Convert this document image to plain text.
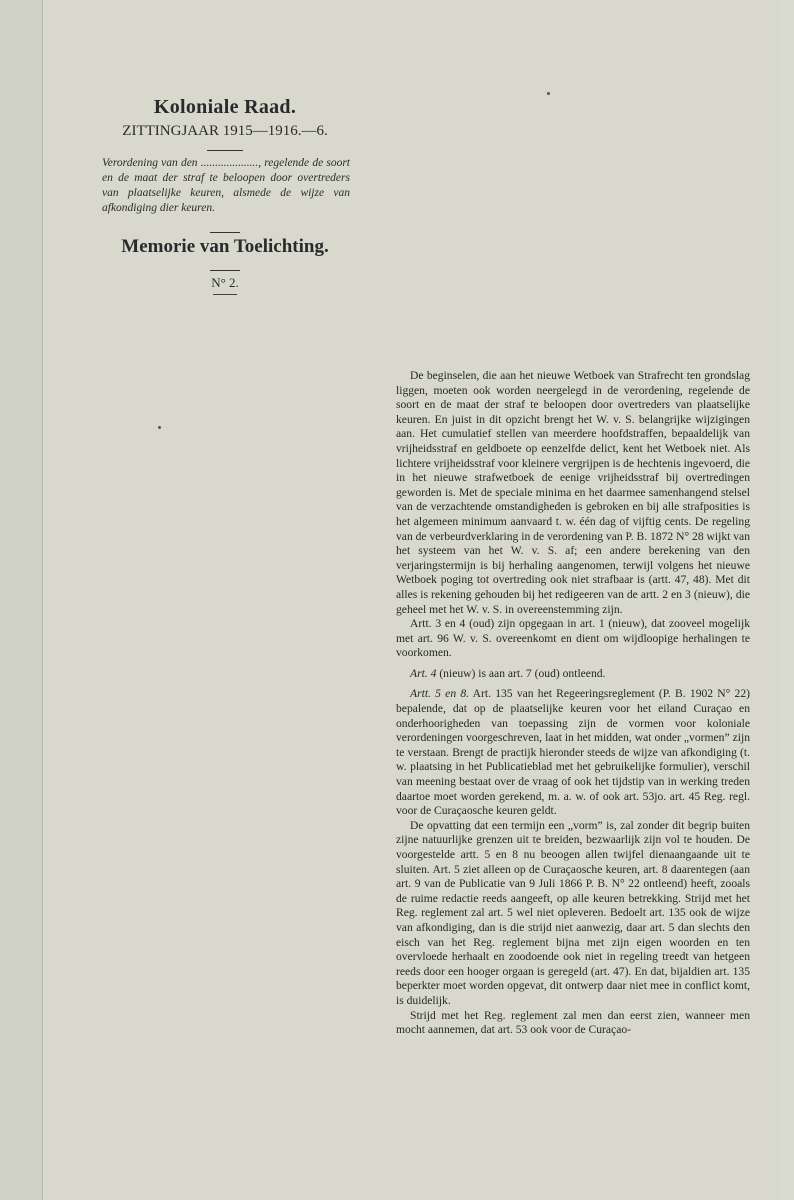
Koloniale Raad.

ZITTINGJAAR 1915—1916.—6.

Verordening van den ...................., regelende de soort en de maat der straf te beloopen door overtreders van plaatselijke keuren, alsmede de wijze van afkondiging dier keuren.
Memorie van Toelichting.
N° 2.

De beginselen, die aan het nieuwe Wetboek van Strafrecht ten grondslag liggen, moeten ook worden neergelegd in de verordening, regelende de soort en de maat der straf te beloopen door overtreders van plaatselijke keuren. En juist in dit opzicht brengt het W. v. S. belangrijke wijzigingen aan. Het cumulatief stellen van meerdere hoofdstraffen, bepaaldelijk van vrijheidsstraf en geldboete op eenzelfde delict, kent het Wetboek niet. Als lichtere vrijheidsstraf voor kleinere vergrijpen is de hechtenis ingevoerd, die in het nieuwe strafwetboek de eenige vrijheidsstraf bij overtredingen geworden is. Met de speciale minima en het daarmee samenhangend stelsel van de verzachtende omstandigheden is gebroken en bij alle strafposities is het algemeen minimum aanvaard t. w. één dag of vijftig cents. De regeling van de verbeurdverklaring in de verordening van P. B. 1872 N° 28 wijkt van het systeem van het W. v. S. af; een andere berekening van den verjaringstermijn is bij herhaling aangenomen, terwijl volgens het nieuwe Wetboek poging tot overtreding ook niet strafbaar is (artt. 47, 48). Met dit alles is rekening gehouden bij het redigeeren van de artt. 2 en 3 (nieuw), die geheel met het W. v. S. in overeenstemming zijn.

Artt. 3 en 4 (oud) zijn opgegaan in art. 1 (nieuw), dat zooveel mogelijk met art. 96 W. v. S. overeenkomt en dient om wijdloopige herhalingen te voorkomen.

Art. 4 (nieuw) is aan art. 7 (oud) ontleend.

Artt. 5 en 8. Art. 135 van het Regeeringsreglement (P. B. 1902 N° 22) bepalende, dat op de plaatselijke keuren voor het eiland Curaçao en onderhoorigheden van toepassing zijn de vormen voor koloniale verordeningen voorgeschreven, laat in het midden, wat onder „vormen” zijn te verstaan. Brengt de practijk hieronder steeds de wijze van afkondiging (t. w. plaatsing in het Publicatieblad met het gebruikelijke formulier), verschil van meening bestaat over de vraag of ook het tijdstip van in werking treden daartoe moet worden gerekend, m. a. w. of ook art. 53jo. art. 45 Reg. regl. voor de Curaçaosche keuren geldt.

De opvatting dat een termijn een „vorm” is, zal zonder dit begrip buiten zijne natuurlijke grenzen uit te breiden, bezwaarlijk zijn vol te houden. De voorgestelde artt. 5 en 8 nu beoogen allen twijfel dienaangaande uit te sluiten. Art. 5 ziet alleen op de Curaçaosche keuren, art. 8 daarentegen (aan art. 9 van de Publicatie van 9 Juli 1866 P. B. N° 22 ontleend) heeft, zooals de ruime redactie reeds aangeeft, op alle keuren betrekking. Strijd met het Reg. reglement zal art. 5 wel niet opleveren. Bedoelt art. 135 ook de wijze van afkondiging, dan is die strijd niet aanwezig, daar art. 5 dan slechts den eisch van het Reg. reglement bijna met zijn eigen woorden en ten overvloede herhaalt en zoodoende ook niet in regeling treedt van hetgeen reeds door een hooger orgaan is geregeld (art. 47). En dat, bijaldien art. 135 beperkter moet worden opgevat, dit ontwerp daar niet mee in conflict komt, is duidelijk.

Strijd met het Reg. reglement zal men dan eerst zien, wanneer men mocht aannemen, dat art. 53 ook voor de Curaçao-
